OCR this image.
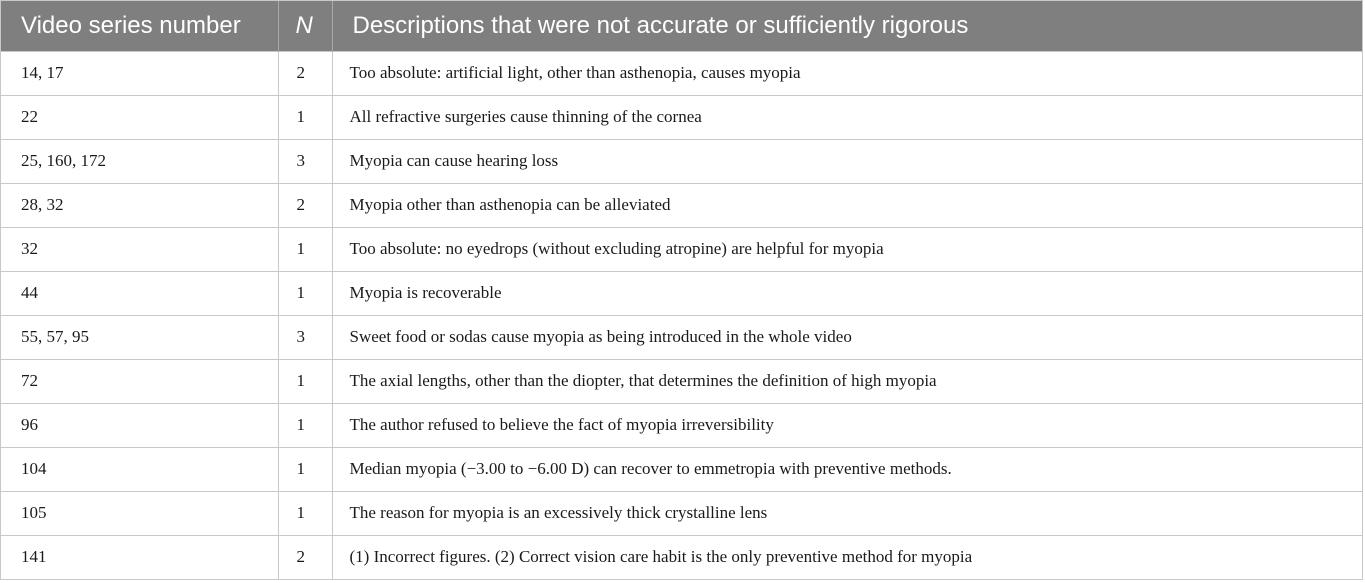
Video series number	N	Descriptions that were not accurate or sufficiently rigorous
14, 17	2	Too absolute: artificial light, other than asthenopia, causes myopia
22	1	All refractive surgeries cause thinning of the cornea
25, 160, 172	3	Myopia can cause hearing loss
28, 32	2	Myopia other than asthenopia can be alleviated
32	1	Too absolute: no eyedrops (without excluding atropine) are helpful for myopia
44	1	Myopia is recoverable
55, 57, 95	3	Sweet food or sodas cause myopia as being introduced in the whole video
72	1	The axial lengths, other than the diopter, that determines the definition of high myopia
96	1	The author refused to believe the fact of myopia irreversibility
104	1	Median myopia (−3.00 to −6.00 D) can recover to emmetropia with preventive methods.
105	1	The reason for myopia is an excessively thick crystalline lens
141	2	(1) Incorrect figures. (2) Correct vision care habit is the only preventive method for myopia
